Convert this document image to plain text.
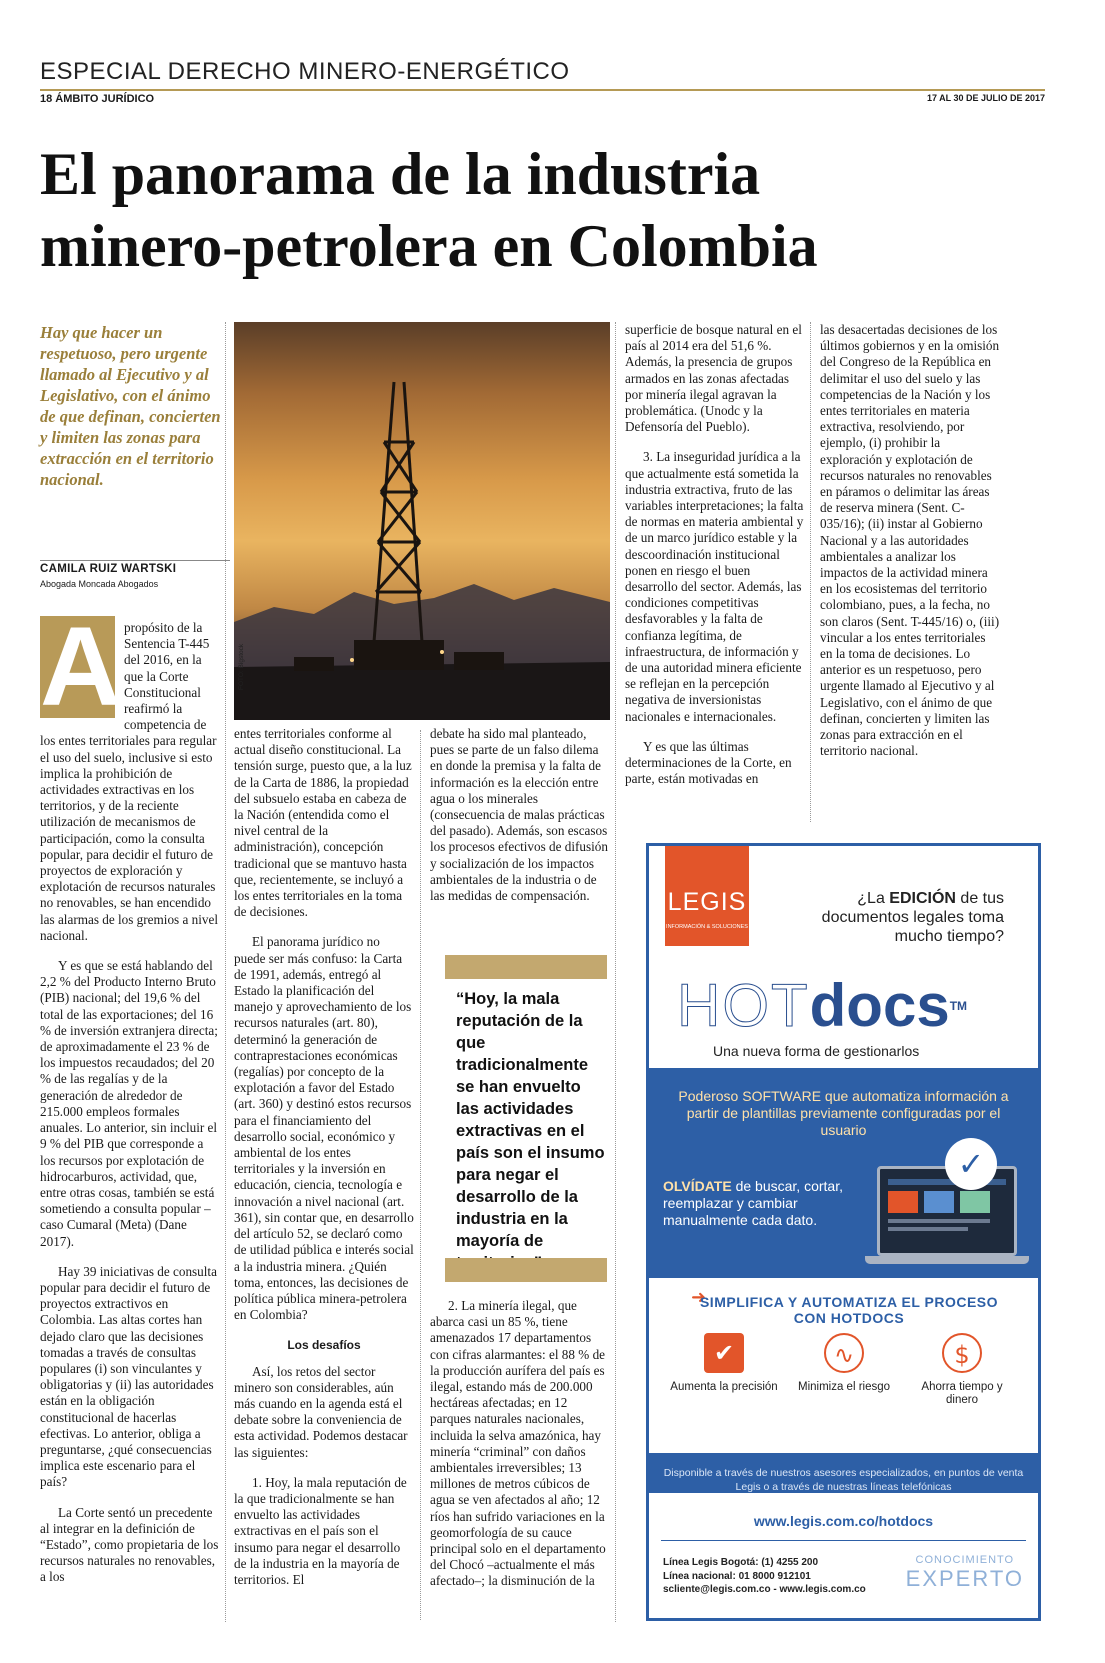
ESPECIAL DERECHO MINERO-ENERGÉTICO
18 ÁMBITO JURÍDICO	17 AL 30 DE JULIO DE 2017
El panorama de la industria
minero-petrolera en Colombia
Hay que hacer un respetuoso, pero urgente llamado al Ejecutivo y al Legislativo, con el ánimo de que definan, concierten y limiten las zonas para extracción en el territorio nacional.
CAMILA RUIZ WARTSKI
Abogada Moncada Abogados
A propósito de la Sentencia T-445 del 2016, en la que la Corte Constitucional reafirmó la competencia de los entes territoriales para regular el uso del suelo, inclusive si esto implica la prohibición de actividades extractivas en los territorios, y de la reciente utilización de mecanismos de participación, como la consulta popular, para decidir el futuro de proyectos de exploración y explotación de recursos naturales no renovables, se han encendido las alarmas de los gremios a nivel nacional.

Y es que se está hablando del 2,2 % del Producto Interno Bruto (PIB) nacional; del 19,6 % del total de las exportaciones; del 16 % de inversión extranjera directa; de aproximadamente el 23 % de los impuestos recaudados; del 20 % de las regalías y de la generación de alrededor de 215.000 empleos formales anuales. Lo anterior, sin incluir el 9 % del PIB que corresponde a los recursos por explotación de hidrocarburos, actividad, que, entre otras cosas, también se está sometiendo a consulta popular –caso Cumaral (Meta) (Dane 2017).

Hay 39 iniciativas de consulta popular para decidir el futuro de proyectos extractivos en Colombia. Las altas cortes han dejado claro que las decisiones tomadas a través de consultas populares (i) son vinculantes y obligatorias y (ii) las autoridades están en la obligación constitucional de hacerlas efectivas. Lo anterior, obliga a preguntarse, ¿qué consecuencias implica este escenario para el país?

La Corte sentó un precedente al integrar en la definición de “Estado”, como propietaria de los recursos naturales no renovables, a los

FOTO: Bigstock

entes territoriales conforme al actual diseño constitucional. La tensión surge, puesto que, a la luz de la Carta de 1886, la propiedad del subsuelo estaba en cabeza de la Nación (entendida como el nivel central de la administración), concepción tradicional que se mantuvo hasta que, recientemente, se incluyó a los entes territoriales en la toma de decisiones.

El panorama jurídico no puede ser más confuso: la Carta de 1991, además, entregó al Estado la planificación del manejo y aprovechamiento de los recursos naturales (art. 80), determinó la generación de contraprestaciones económicas (regalías) por concepto de la explotación a favor del Estado (art. 360) y destinó estos recursos para el financiamiento del desarrollo social, económico y ambiental de los entes territoriales y la inversión en educación, ciencia, tecnología e innovación a nivel nacional (art. 361), sin contar que, en desarrollo del artículo 52, se declaró como de utilidad pública e interés social a la industria minera. ¿Quién toma, entonces, las decisiones de política pública minera-petrolera en Colombia?

Los desafíos

Así, los retos del sector minero son considerables, aún más cuando en la agenda está el debate sobre la conveniencia de esta actividad. Podemos destacar las siguientes:

1. Hoy, la mala reputación de la que tradicionalmente se han envuelto las actividades extractivas en el país son el insumo para negar el desarrollo de la industria en la mayoría de territorios. El

debate ha sido mal planteado, pues se parte de un falso dilema en donde la premisa y la falta de información es la elección entre agua o los minerales (consecuencia de malas prácticas del pasado). Además, son escasos los procesos efectivos de difusión y socialización de los impactos ambientales de la industria o de las medidas de compensación.

“Hoy, la mala reputación de la que tradicionalmente se han envuelto las actividades extractivas en el país son el insumo para negar el desarrollo de la industria en la mayoría de

2. La minería ilegal, que abarca casi un 85 %, tiene amenazados 17 departamentos con cifras alarmantes: el 88 % de la producción aurífera del país es ilegal, estando más de 200.000 hectáreas afectadas; en 12 parques naturales nacionales, incluida la selva amazónica, hay minería “criminal” con daños ambientales irreversibles; 13 millones de metros cúbicos de agua se ven afectados al año; 12 ríos han sufrido variaciones en la geomorfología de su cauce principal solo en el departamento del Chocó –actualmente el más afectado–; la disminución de la

superficie de bosque natural en el país al 2014 era del 51,6 %. Además, la presencia de grupos armados en las zonas afectadas por minería ilegal agravan la problemática. (Unodc y la Defensoría del Pueblo).

3. La inseguridad jurídica a la que actualmente está sometida la industria extractiva, fruto de las variables interpretaciones; la falta de normas en materia ambiental y de un marco jurídico estable y la descoordinación institucional ponen en riesgo el buen desarrollo del sector. Además, las condiciones competitivas desfavorables y la falta de confianza legítima, de infraestructura, de información y de una autoridad minera eficiente se reflejan en la percepción negativa de inversionistas nacionales e internacionales.

Y es que las últimas determinaciones de la Corte, en parte, están motivadas en

las desacertadas decisiones de los últimos gobiernos y en la omisión del Congreso de la República en delimitar el uso del suelo y las competencias de la Nación y los entes territoriales en materia extractiva, resolviendo, por ejemplo, (i) prohibir la exploración y explotación de recursos naturales no renovables en páramos o delimitar las áreas de reserva minera (Sent. C-035/16); (ii) instar al Gobierno Nacional y a las autoridades ambientales a analizar los impactos de la actividad minera en los ecosistemas del territorio colombiano, pues, a la fecha, no son claros (Sent. T-445/16) o, (iii) vincular a los entes territoriales en la toma de decisiones. Lo anterior es un respetuoso, pero urgente llamado al Ejecutivo y al Legislativo, con el ánimo de que definan, concierten y limiten las zonas para extracción en el territorio nacional.

LEGIS
INFORMACIÓN & SOLUCIONES
¿La EDICIÓN de tus documentos legales toma mucho tiempo?
HOTdocs™
Una nueva forma de gestionarlos
Poderoso SOFTWARE que automatiza información a partir de plantillas previamente configuradas por el usuario
OLVÍDATE de buscar, cortar, reemplazar y cambiar manualmente cada dato.
✓
➜
SIMPLIFICA Y AUTOMATIZA EL PROCESO CON HOTDOCS
✔
Aumenta la precisión
∿
Minimiza el riesgo
$
Ahorra tiempo y dinero
Disponible a través de nuestros asesores especializados, en puntos de venta Legis o a través de nuestras líneas telefónicas
www.legis.com.co/hotdocs
Línea Legis Bogotá: (1) 4255 200
Línea nacional: 01 8000 912101
scliente@legis.com.co - www.legis.com.co
CONOCIMIENTO
EXPERTO
